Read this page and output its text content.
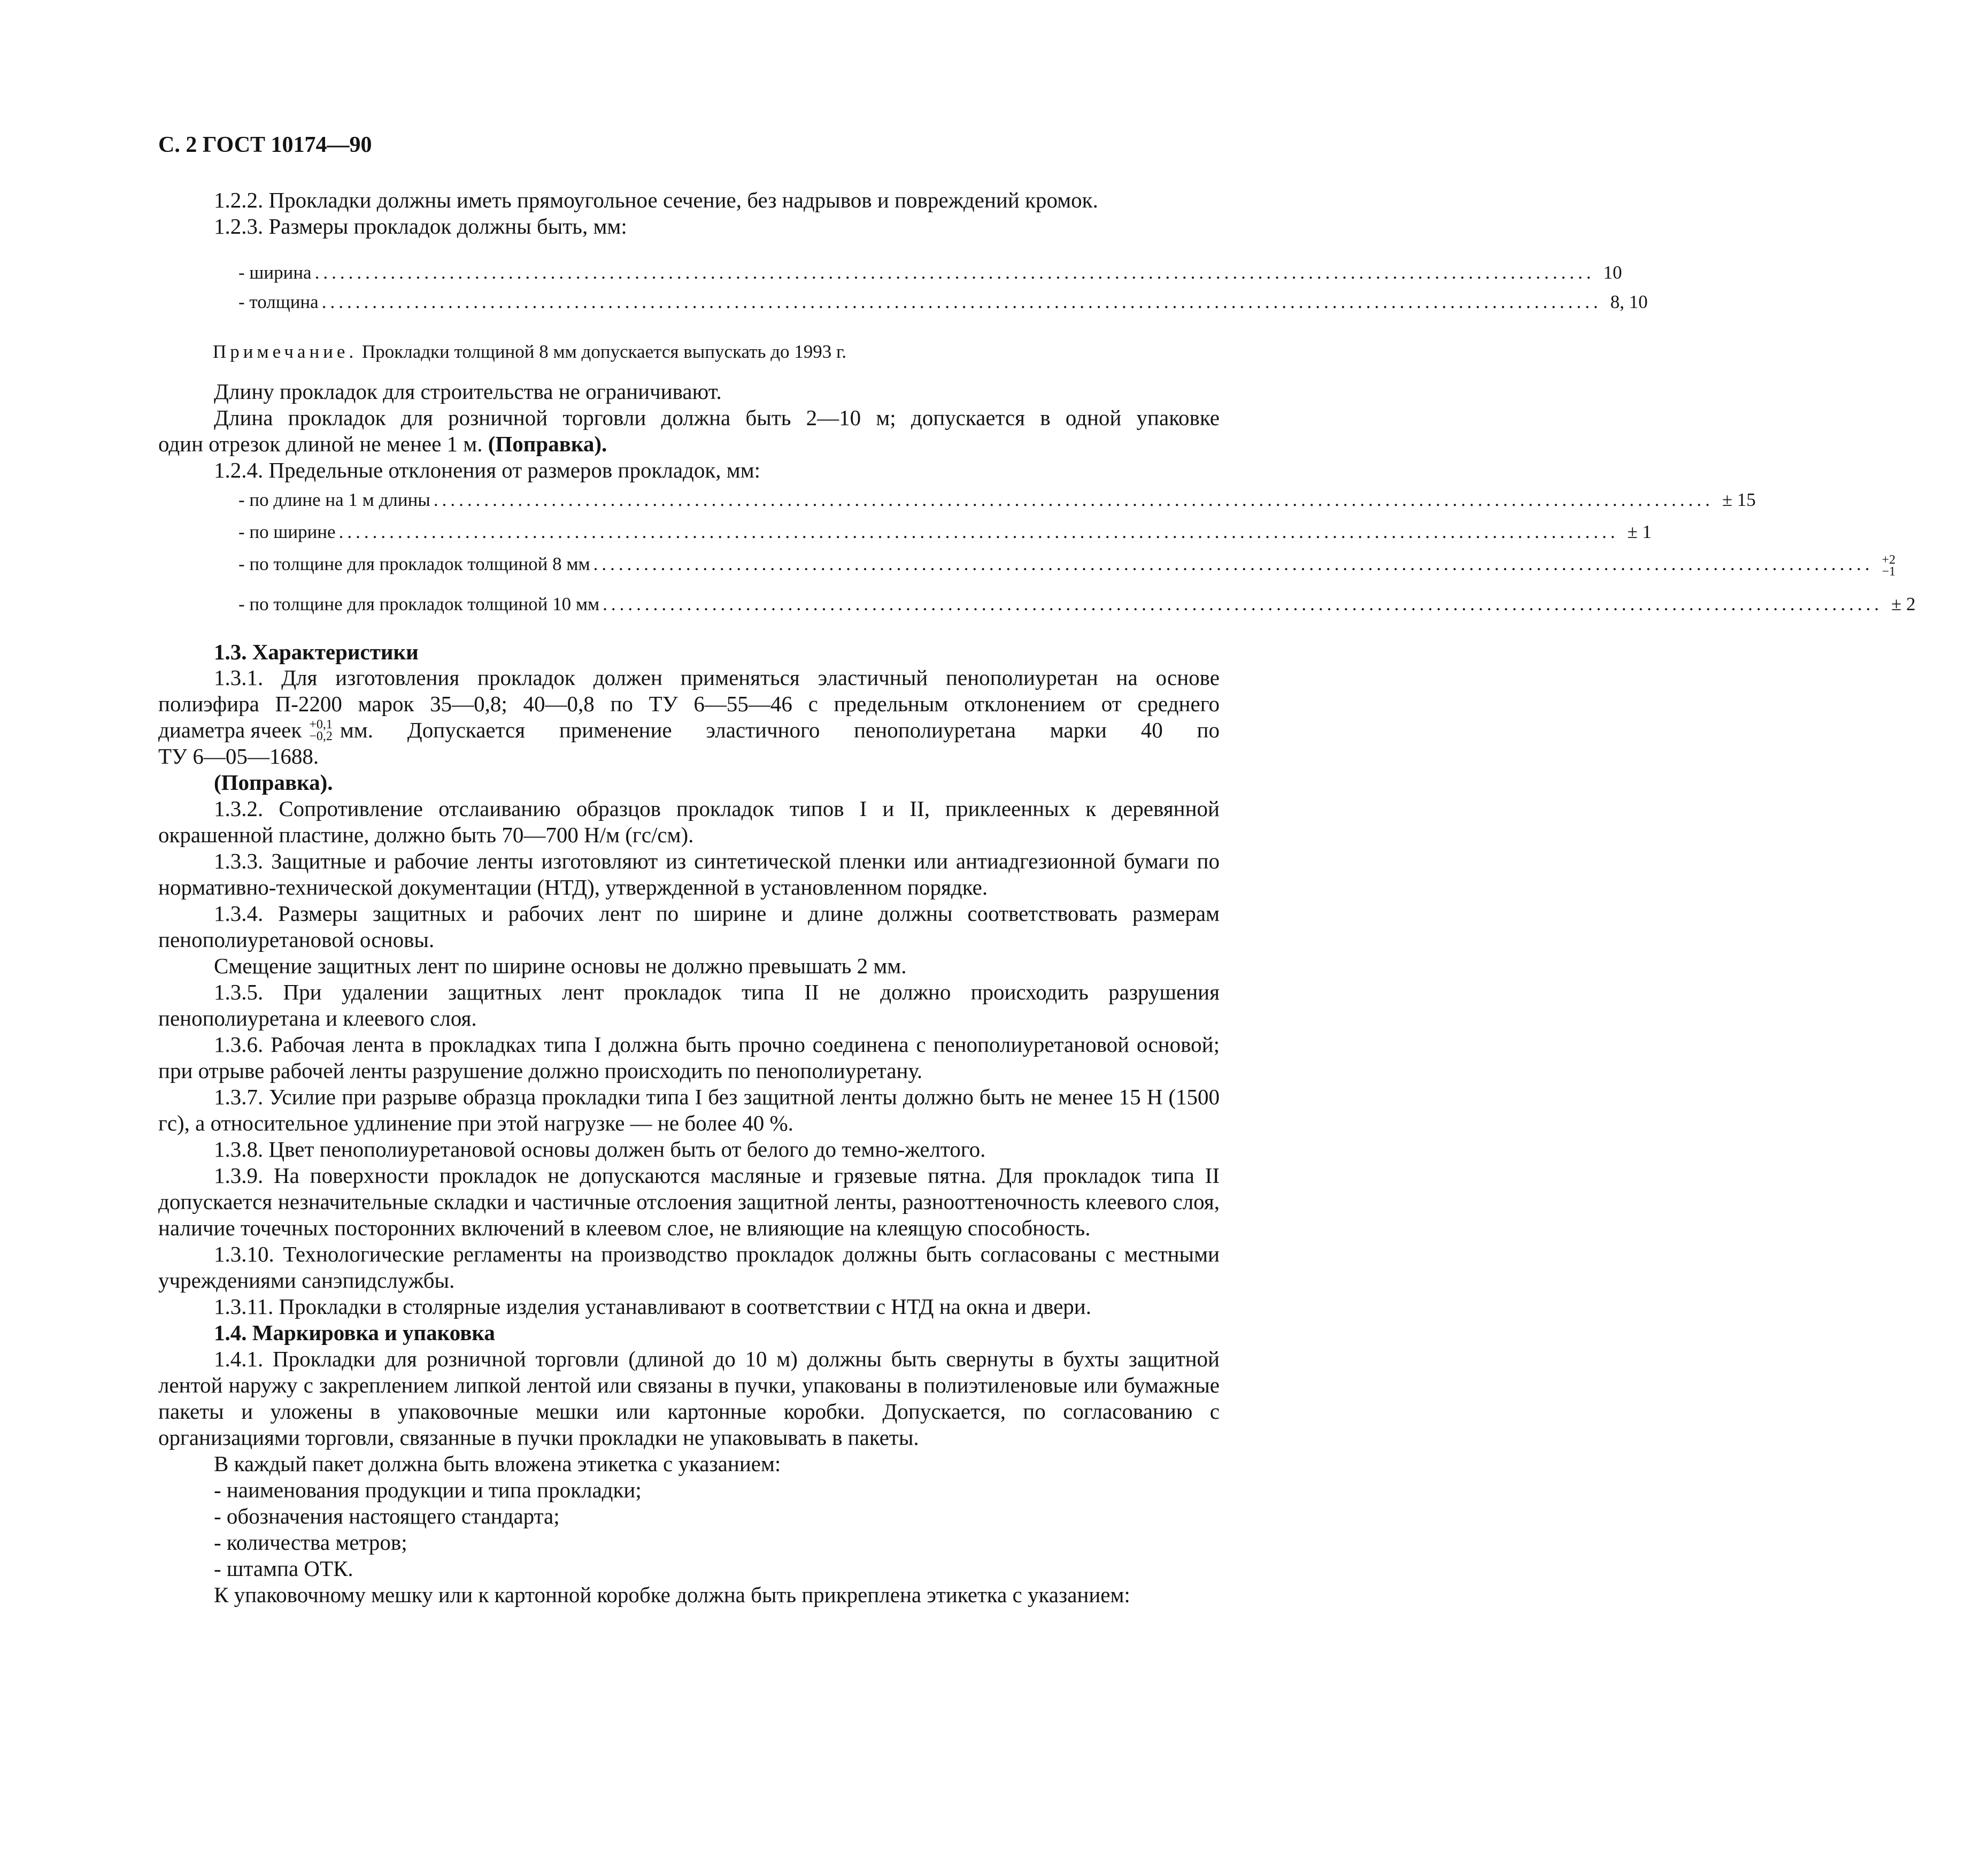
С. 2 ГОСТ 10174—90
1.2.2. Прокладки должны иметь прямоугольное сечение, без надрывов и повреждений кромок.
1.2.3. Размеры прокладок должны быть, мм:
- ширина ........................................................................................................................................................ 10
- толщина ........................................................................................................................................................ 8, 10
Примечание. Прокладки толщиной 8 мм допускается выпускать до 1993 г.
Длину прокладок для строительства не ограничивают.

Длина прокладок для розничной торговли должна быть 2—10 м; допускается в одной упаковке

один отрезок длиной не менее 1 м. (Поправка).

1.2.4. Предельные отклонения от размеров прокладок, мм:
- по длине на 1 м длины ........................................................................................................................................................ ± 15
- по ширине ........................................................................................................................................................ ± 1
- по толщине для прокладок толщиной 8 мм ........................................................................................................................................................ +2
−1
- по толщине для прокладок толщиной 10 мм ........................................................................................................................................................ ± 2
1.3. Характеристики

1.3.1. Для изготовления прокладок должен применяться эластичный пенополиуретан на основе

полиэфира П-2200 марок 35—0,8; 40—0,8 по ТУ 6—55—46 с предельным отклонением от среднего

диаметра ячеек +0,1
−0,2 мм. Допускается применение эластичного пенополиуретана марки 40 по

ТУ 6—05—1688.

(Поправка).

1.3.2. Сопротивление отслаиванию образцов прокладок типов I и II, приклеенных к деревянной окрашенной пластине, должно быть 70—700 Н/м (гс/см).

1.3.3. Защитные и рабочие ленты изготовляют из синтетической пленки или антиадгезионной бумаги по нормативно-технической документации (НТД), утвержденной в установленном порядке.

1.3.4. Размеры защитных и рабочих лент по ширине и длине должны соответствовать размерам пенополиуретановой основы.

Смещение защитных лент по ширине основы не должно превышать 2 мм.

1.3.5. При удалении защитных лент прокладок типа II не должно происходить разрушения пенополиуретана и клеевого слоя.

1.3.6. Рабочая лента в прокладках типа I должна быть прочно соединена с пенополиуретановой основой; при отрыве рабочей ленты разрушение должно происходить по пенополиуретану.

1.3.7. Усилие при разрыве образца прокладки типа I без защитной ленты должно быть не менее 15 Н (1500 гс), а относительное удлинение при этой нагрузке — не более 40 %.

1.3.8. Цвет пенополиуретановой основы должен быть от белого до темно-желтого.

1.3.9. На поверхности прокладок не допускаются масляные и грязевые пятна. Для прокладок типа II допускается незначительные складки и частичные отслоения защитной ленты, разнооттеночность клеевого слоя, наличие точечных посторонних включений в клеевом слое, не влияющие на клеящую способность.

1.3.10. Технологические регламенты на производство прокладок должны быть согласованы с местными учреждениями санэпидслужбы.

1.3.11. Прокладки в столярные изделия устанавливают в соответствии с НТД на окна и двери.

1.4. Маркировка и упаковка

1.4.1. Прокладки для розничной торговли (длиной до 10 м) должны быть свернуты в бухты защитной лентой наружу с закреплением липкой лентой или связаны в пучки, упакованы в полиэтиленовые или бумажные пакеты и уложены в упаковочные мешки или картонные коробки. Допускается, по согласованию с организациями торговли, связанные в пучки прокладки не упаковывать в пакеты.

В каждый пакет должна быть вложена этикетка с указанием:

- наименования продукции и типа прокладки;

- обозначения настоящего стандарта;

- количества метров;

- штампа ОТК.

К упаковочному мешку или к картонной коробке должна быть прикреплена этикетка с указанием:
